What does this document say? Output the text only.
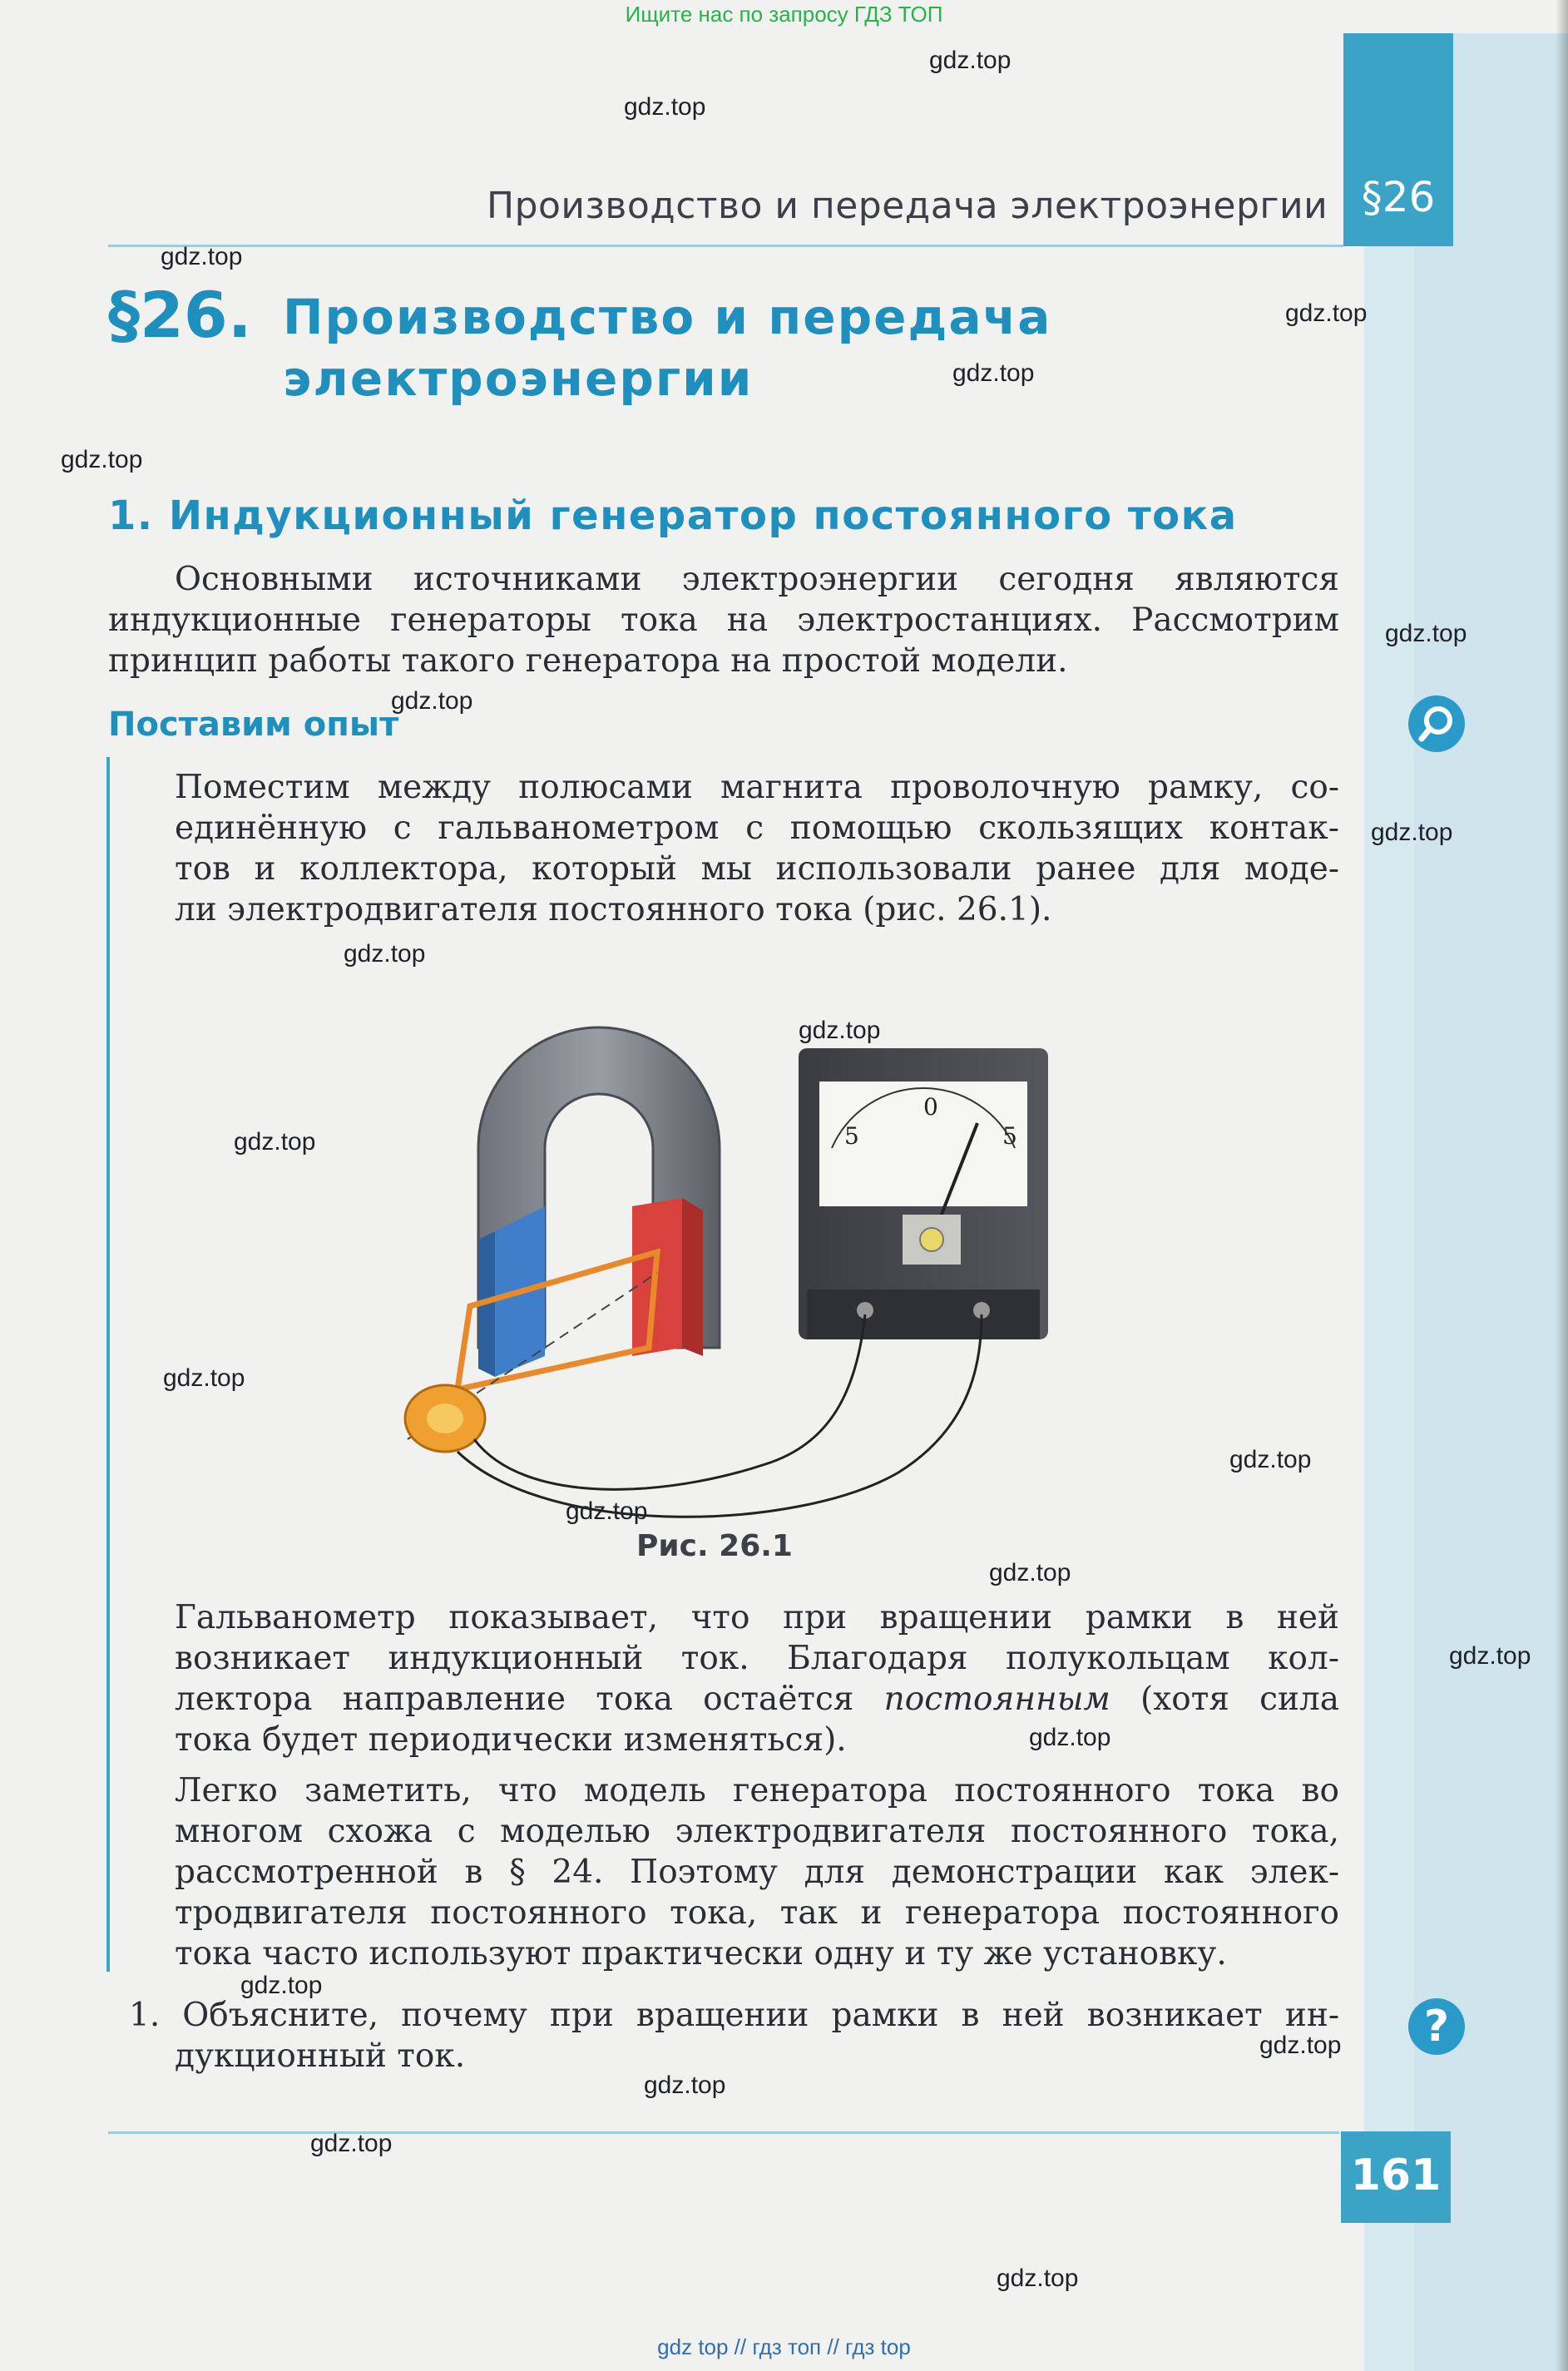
Ищите нас по запросу ГДЗ ТОП
Производство и передача электроэнергии §26
§26. Производство и передача
электроэнергии
1. Индукционный генератор постоянного тока
Основными источниками электроэнергии сегодня являются
индукционные генераторы тока на электростанциях. Рассмотрим
принцип работы такого генератора на простой модели.
Поставим опыт
Поместим между полюсами магнита проволочную рамку, со-
единённую с гальванометром с помощью скользящих контак-
тов и коллектора, который мы использовали ранее для моде-
ли электродвигателя постоянного тока (рис. 26.1).
5
0
5
Рис. 26.1
Гальванометр показывает, что при вращении рамки в ней
возникает индукционный ток. Благодаря полукольцам кол-
лектора направление тока остаётся постоянным (хотя сила
тока будет периодически изменяться).
Легко заметить, что модель генератора постоянного тока во
многом схожа с моделью электродвигателя постоянного тока,
рассмотренной в § 24. Поэтому для демонстрации как элек-
тродвигателя постоянного тока, так и генератора постоянного
тока часто используют практически одну и ту же установку.
1. Объясните, почему при вращении рамки в ней возникает ин-
дукционный ток.
?
161
gdz.top
gdz.top
gdz.top
gdz.top
gdz.top
gdz.top
gdz.top
gdz.top
gdz.top
gdz.top
gdz.top
gdz.top
gdz.top
gdz.top
gdz.top
gdz.top
gdz.top
gdz.top
gdz.top
gdz.top
gdz.top
gdz.top
gdz.top
gdz top // гдз топ // гдз top
